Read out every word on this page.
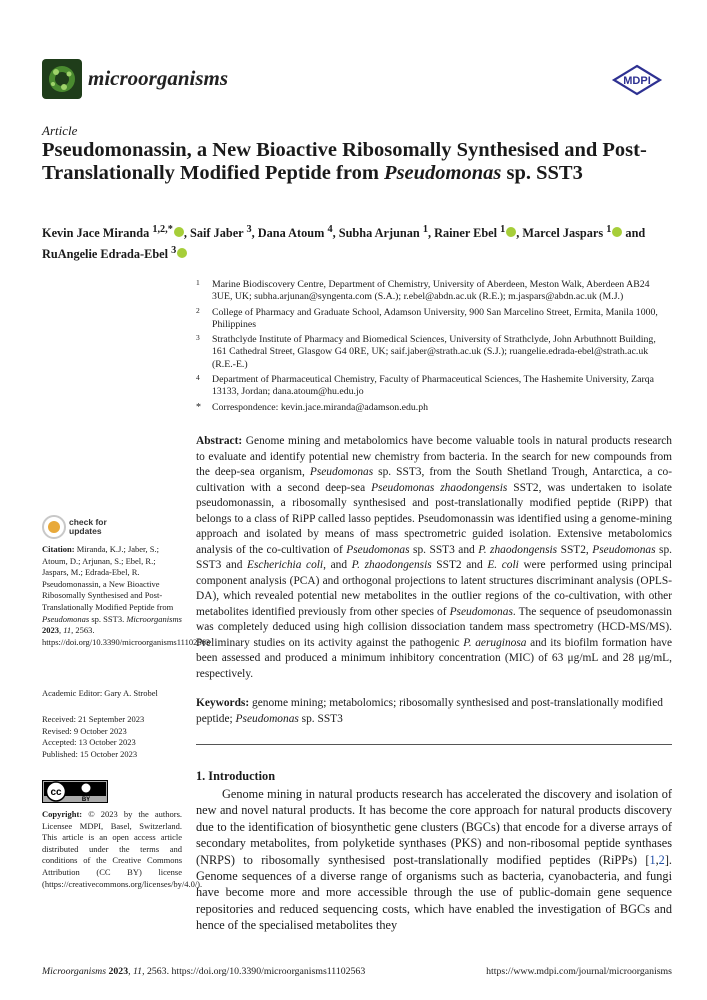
microorganisms	MDPI
Article
Pseudomonassin, a New Bioactive Ribosomally Synthesised and Post-Translationally Modified Peptide from Pseudomonas sp. SST3
Kevin Jace Miranda $^{1,2,*}$ , Saif Jaber $^3$, Dana Atoum $^4$, Subha Arjunan $^1$, Rainer Ebel $^1$ , Marcel Jaspars $^1$ and
RuAngelie Edrada-Ebel $^3$
1 Marine Biodiscovery Centre, Department of Chemistry, University of Aberdeen, Meston Walk, Aberdeen AB24 3UE, UK; subha.arjunan@syngenta.com (S.A.); r.ebel@abdn.ac.uk (R.E.); m.jaspars@abdn.ac.uk (M.J.)
2 College of Pharmacy and Graduate School, Adamson University, 900 San Marcelino Street, Ermita, Manila 1000, Philippines
3 Strathclyde Institute of Pharmacy and Biomedical Sciences, University of Strathclyde, John Arbuthnott Building, 161 Cathedral Street, Glasgow G4 0RE, UK; saif.jaber@strath.ac.uk (S.J.); ruangelie.edrada-ebel@strath.ac.uk (R.E.-E.)
4 Department of Pharmaceutical Chemistry, Faculty of Pharmaceutical Sciences, The Hashemite University, Zarqa 13133, Jordan; dana.atoum@hu.edu.jo
* Correspondence: kevin.jace.miranda@adamson.edu.ph
Abstract: Genome mining and metabolomics have become valuable tools in natural products research to evaluate and identify potential new chemistry from bacteria. In the search for new compounds from the deep-sea organism, Pseudomonas sp. SST3, from the South Shetland Trough, Antarctica, a co-cultivation with a second deep-sea Pseudomonas zhaodongensis SST2, was undertaken to isolate pseudomonassin, a ribosomally synthesised and post-translationally modified peptide (RiPP) that belongs to a class of RiPP called lasso peptides. Pseudomonassin was identified using a genome-mining approach and isolated by means of mass spectrometric guided isolation. Extensive metabolomics analysis of the co-cultivation of Pseudomonas sp. SST3 and P. zhaodongensis SST2, Pseudomonas sp. SST3 and Escherichia coli, and P. zhaodongensis SST2 and E. coli were performed using principal component analysis (PCA) and orthogonal projections to latent structures discriminant analysis (OPLS-DA), which revealed potential new metabolites in the outlier regions of the co-cultivation, with other metabolites identified previously from other species of Pseudomonas. The sequence of pseudomonassin was completely deduced using high collision dissociation tandem mass spectrometry (HCD-MS/MS). Preliminary studies on its activity against the pathogenic P. aeruginosa and its biofilm formation have been assessed and produced a minimum inhibitory concentration (MIC) of 63 μg/mL and 28 μg/mL, respectively.
Keywords: genome mining; metabolomics; ribosomally synthesised and post-translationally modified peptide; Pseudomonas sp. SST3
1. Introduction

Genome mining in natural products research has accelerated the discovery and isolation of new and novel natural products. It has become the core approach for natural products discovery due to the identification of biosynthetic gene clusters (BGCs) that encode for a diverse arrays of secondary metabolites, from polyketide synthases (PKS) and non-ribosomal peptide synthases (NRPS) to ribosomally synthesised post-translationally modified peptides (RiPPs) [1,2]. Genome sequences of a diverse range of organisms such as bacteria, cyanobacteria, and fungi have become more and more accessible through the use of public-domain gene sequence repositories and reduced sequencing costs, which have enabled the investigation of BGCs and hence of the specialised metabolites they

check for
updates
Citation: Miranda, K.J.; Jaber, S.; Atoum, D.; Arjunan, S.; Ebel, R.; Jaspars, M.; Edrada-Ebel, R. Pseudomonassin, a New Bioactive Ribosomally Synthesised and Post-Translationally Modified Peptide from Pseudomonas sp. SST3. Microorganisms 2023, 11, 2563. https://doi.org/10.3390/microorganisms11102563
Academic Editor: Gary A. Strobel
Received: 21 September 2023
Revised: 9 October 2023
Accepted: 13 October 2023
Published: 15 October 2023
cc
BY
Copyright: © 2023 by the authors. Licensee MDPI, Basel, Switzerland. This article is an open access article distributed under the terms and conditions of the Creative Commons Attribution (CC BY) license (https://creativecommons.org/licenses/by/4.0/).
Microorganisms 2023, 11, 2563. https://doi.org/10.3390/microorganisms11102563	https://www.mdpi.com/journal/microorganisms
